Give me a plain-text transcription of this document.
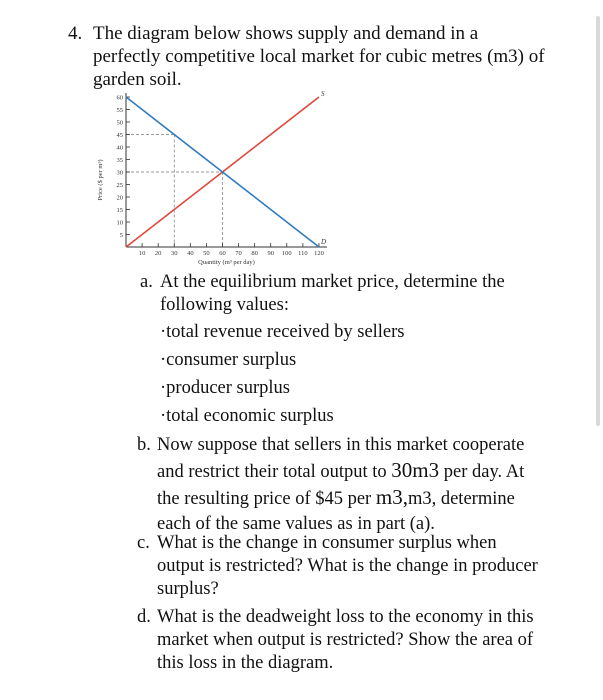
4. The diagram below shows supply and demand in a
perfectly competitive local market for cubic metres (m3) of
garden soil.
5
10
15
20
25
30
35
40
45
50
55
60
10 20 30 40 50 60 70 80 90 100 110 120
S
D
Quantity (m³ per day)
Price ($ per m³)
a. At the equilibrium market price, determine the
following values:
·total revenue received by sellers
·consumer surplus
·producer surplus
·total economic surplus
b. Now suppose that sellers in this market cooperate
and restrict their total output to 30m3 per day. At
the resulting price of $45 per m3,m3, determine
each of the same values as in part (a).
c. What is the change in consumer surplus when
output is restricted? What is the change in producer
surplus?
d. What is the deadweight loss to the economy in this
market when output is restricted? Show the area of
this loss in the diagram.
